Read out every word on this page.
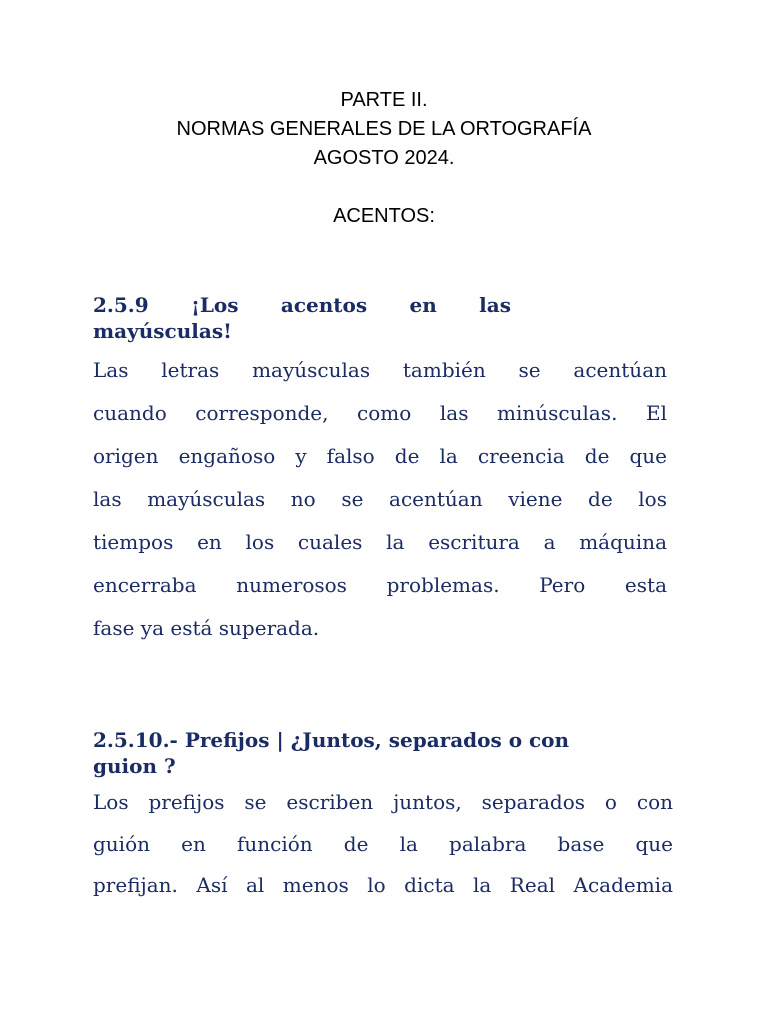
PARTE II.
NORMAS GENERALES DE LA ORTOGRAFÍA
AGOSTO 2024.
ACENTOS:
2.5.9 ¡Los acentos en las
mayúsculas!
Las letras mayúsculas también se acentúan
cuando corresponde, como las minúsculas. El
origen engañoso y falso de la creencia de que
las mayúsculas no se acentúan viene de los
tiempos en los cuales la escritura a máquina
encerraba numerosos problemas. Pero esta
fase ya está superada.
2.5.10.- Prefijos | ¿Juntos, separados o con
guion ?
Los prefijos se escriben juntos, separados o con
guión en función de la palabra base que
prefijan. Así al menos lo dicta la Real Academia
